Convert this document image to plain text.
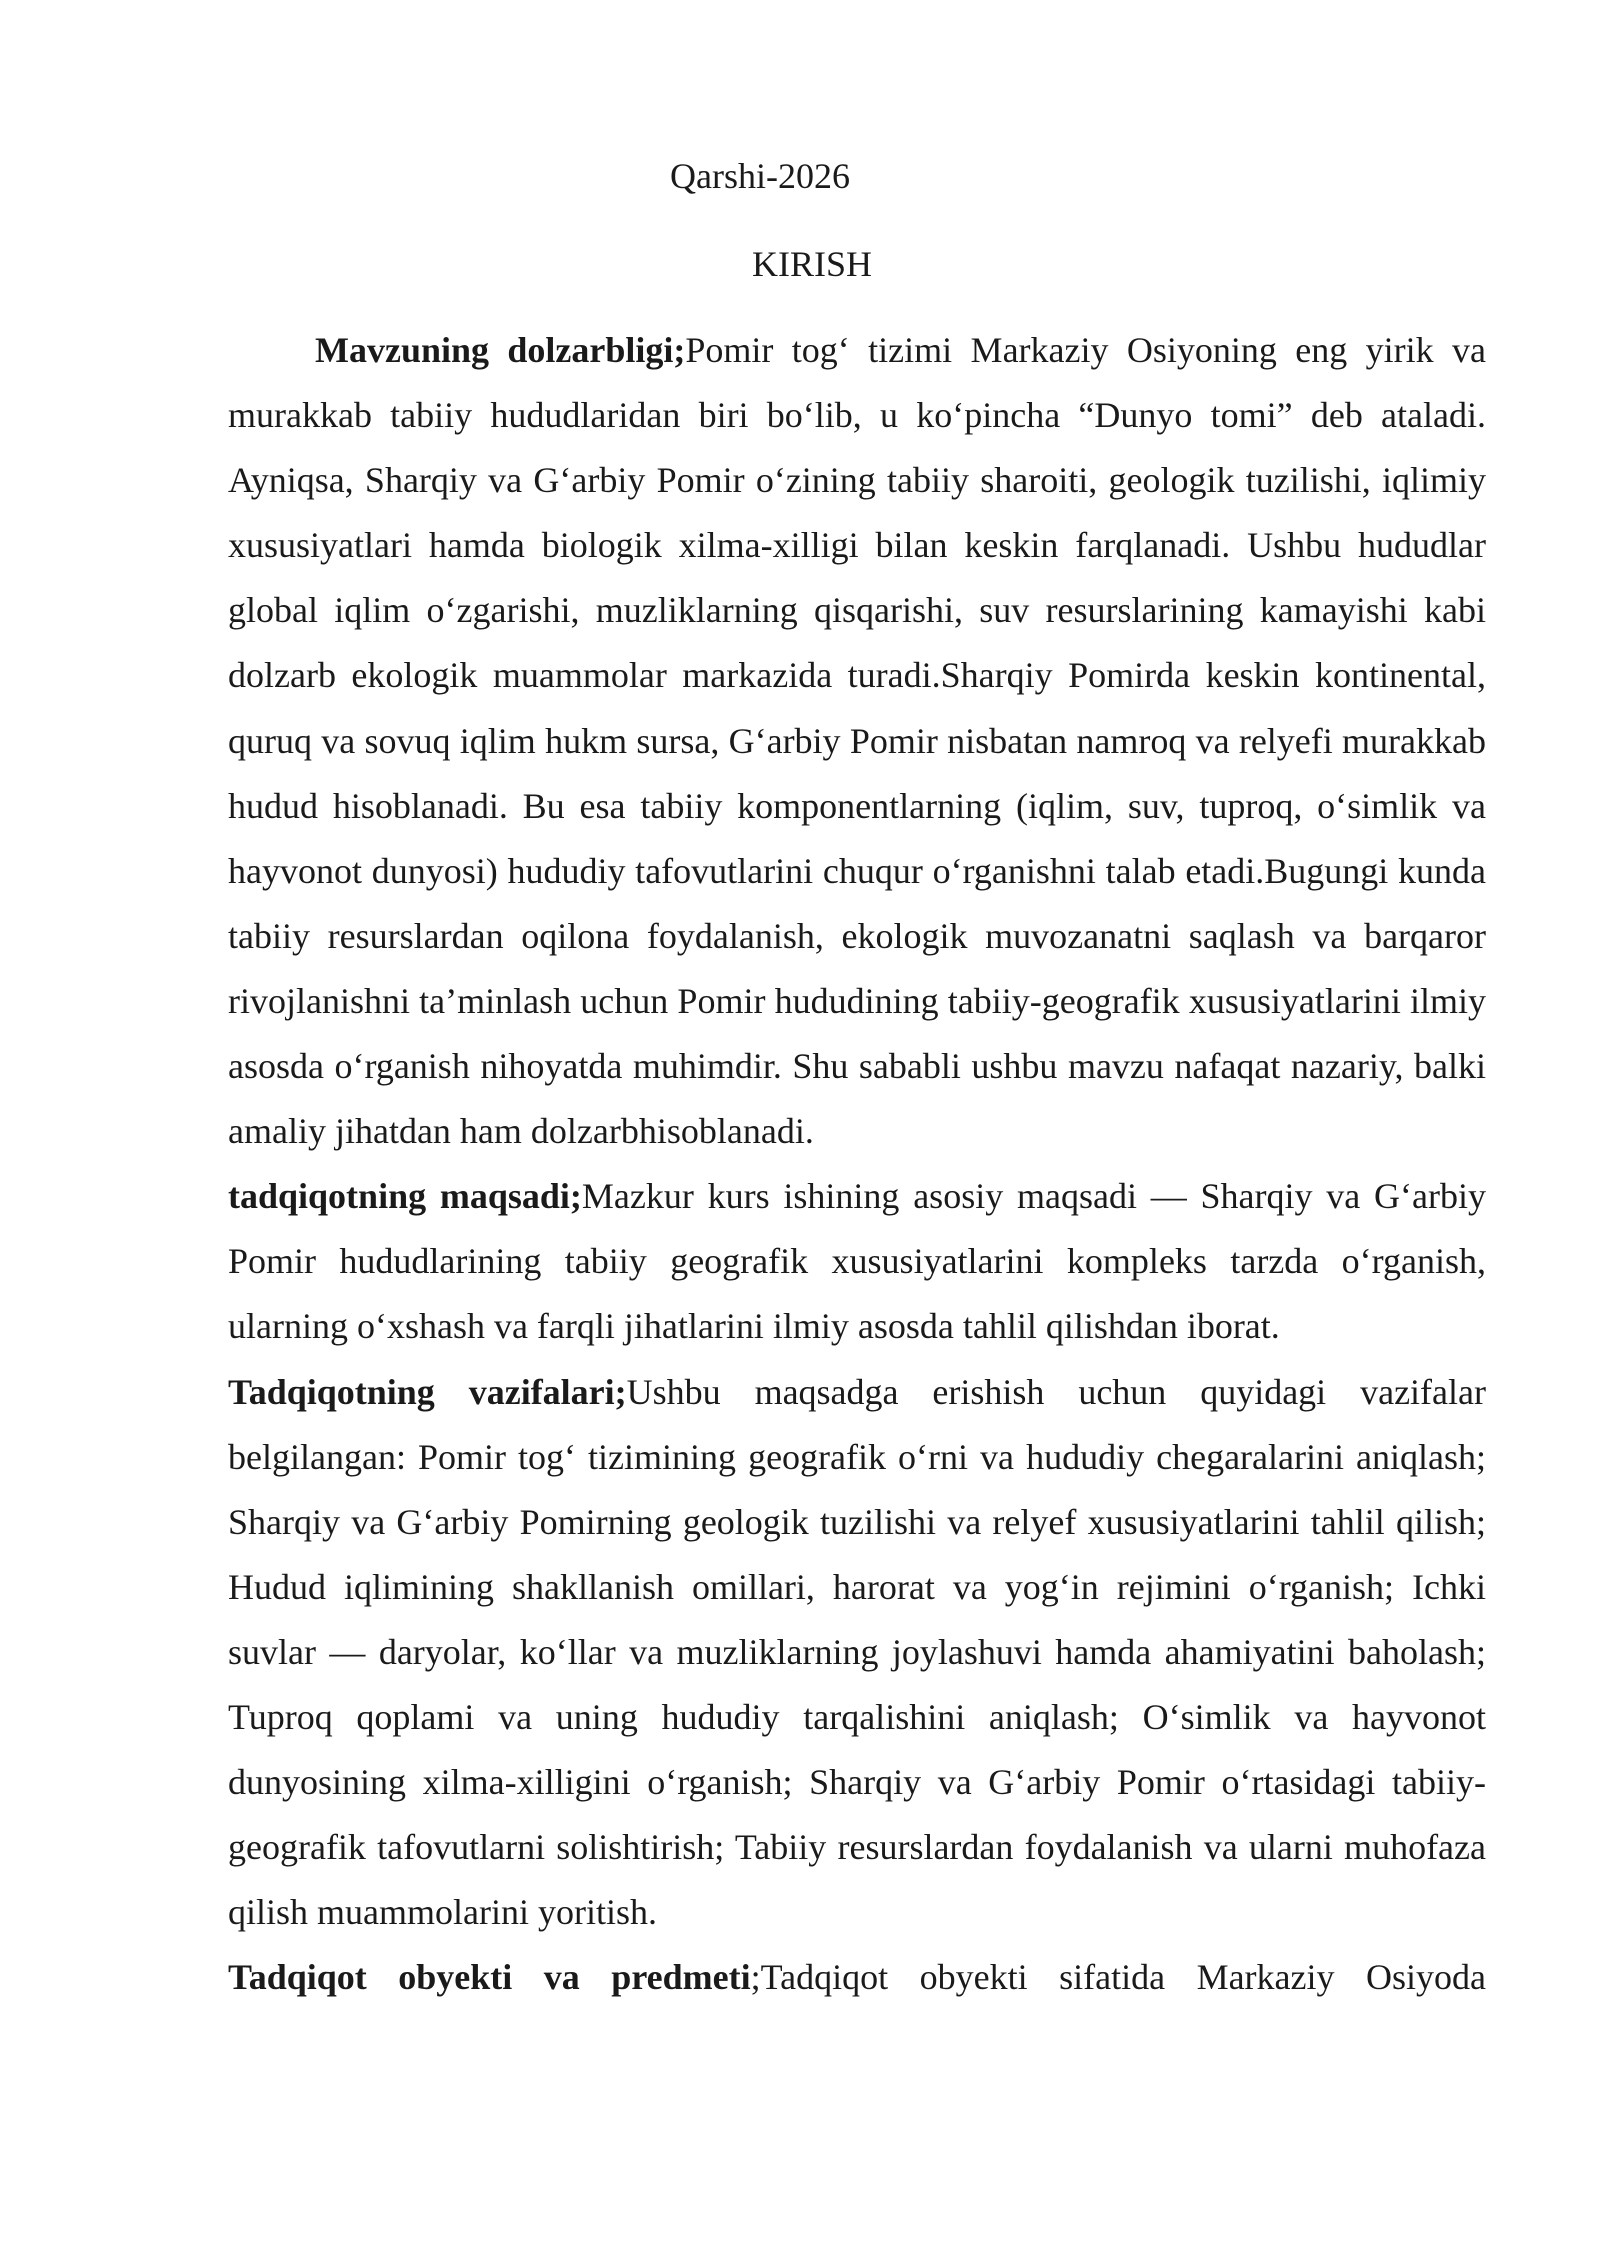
Qarshi-2026

KIRISH

Mavzuning dolzarbligi;Pomir tog‘ tizimi Markaziy Osiyoning eng yirik va murakkab tabiiy hududlaridan biri bo‘lib, u ko‘pincha “Dunyo tomi” deb ataladi. Ayniqsa, Sharqiy va G‘arbiy Pomir o‘zining tabiiy sharoiti, geologik tuzilishi, iqlimiy xususiyatlari hamda biologik xilma-xilligi bilan keskin farqlanadi. Ushbu hududlar global iqlim o‘zgarishi, muzliklarning qisqarishi, suv resurslarining kamayishi kabi dolzarb ekologik muammolar markazida turadi.Sharqiy Pomirda keskin kontinental, quruq va sovuq iqlim hukm sursa, G‘arbiy Pomir nisbatan namroq va relyefi murakkab hudud hisoblanadi. Bu esa tabiiy komponentlarning (iqlim, suv, tuproq, o‘simlik va hayvonot dunyosi) hududiy tafovutlarini chuqur o‘rganishni talab etadi.Bugungi kunda tabiiy resurslardan oqilona foydalanish, ekologik muvozanatni saqlash va barqaror rivojlanishni ta’minlash uchun Pomir hududining tabiiy-geografik xususiyatlarini ilmiy asosda o‘rganish nihoyatda muhimdir. Shu sababli ushbu mavzu nafaqat nazariy, balki amaliy jihatdan ham dolzarbhisoblanadi.

tadqiqotning maqsadi;Mazkur kurs ishining asosiy maqsadi — Sharqiy va G‘arbiy Pomir hududlarining tabiiy geografik xususiyatlarini kompleks tarzda o‘rganish, ularning o‘xshash va farqli jihatlarini ilmiy asosda tahlil qilishdan iborat.

Tadqiqotning vazifalari;Ushbu maqsadga erishish uchun quyidagi vazifalar belgilangan: Pomir tog‘ tizimining geografik o‘rni va hududiy chegaralarini aniqlash; Sharqiy va G‘arbiy Pomirning geologik tuzilishi va relyef xususiyatlarini tahlil qilish; Hudud iqlimining shakllanish omillari, harorat va yog‘in rejimini o‘rganish; Ichki suvlar — daryolar, ko‘llar va muzliklarning joylashuvi hamda ahamiyatini baholash; Tuproq qoplami va uning hududiy tarqalishini aniqlash; O‘simlik va hayvonot dunyosining xilma-xilligini o‘rganish; Sharqiy va G‘arbiy Pomir o‘rtasidagi tabiiy-geografik tafovutlarni solishtirish; Tabiiy resurslardan foydalanish va ularni muhofaza qilish muammolarini yoritish.

Tadqiqot obyekti va predmeti;Tadqiqot obyekti sifatida Markaziy Osiyoda
